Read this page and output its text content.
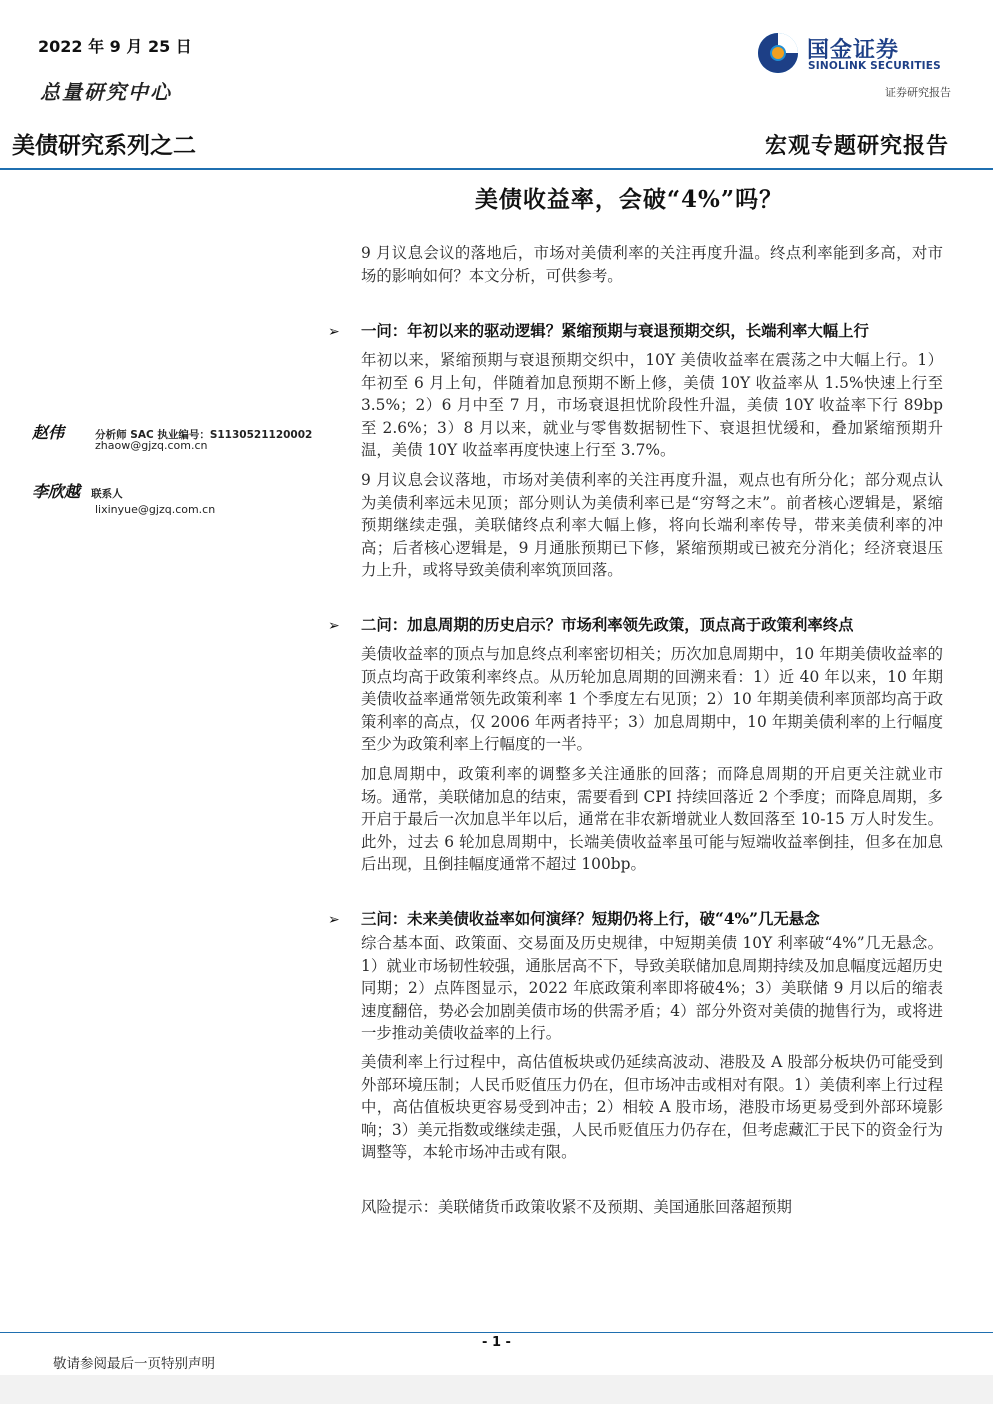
2022 年 9 月 25 日
总量研究中心
美债研究系列之二	宏观专题研究报告
国金证券
SINOLINK SECURITIES
证券研究报告
美债收益率，会破“4%”吗？
赵伟	分析师 SAC 执业编号：S1130521120002
zhaow@gjzq.com.cn
李欣越 联系人
lixinyue@gjzq.com.cn
9 月议息会议的落地后，市场对美债利率的关注再度升温。终点利率能到多高，对市场的影响如何？本文分析，可供参考。
➢ 一问：年初以来的驱动逻辑？紧缩预期与衰退预期交织，长端利率大幅上行

年初以来，紧缩预期与衰退预期交织中，10Y 美债收益率在震荡之中大幅上行。1）年初至 6 月上旬，伴随着加息预期不断上修，美债 10Y 收益率从 1.5%快速上行至 3.5%；2）6 月中至 7 月，市场衰退担忧阶段性升温，美债 10Y 收益率下行 89bp 至 2.6%；3）8 月以来，就业与零售数据韧性下、衰退担忧缓和，叠加紧缩预期升温，美债 10Y 收益率再度快速上行至 3.7%。

9 月议息会议落地，市场对美债利率的关注再度升温，观点也有所分化；部分观点认为美债利率远未见顶；部分则认为美债利率已是“穷弩之末”。前者核心逻辑是，紧缩预期继续走强，美联储终点利率大幅上修，将向长端利率传导，带来美债利率的冲高；后者核心逻辑是，9 月通胀预期已下修，紧缩预期或已被充分消化；经济衰退压力上升，或将导致美债利率筑顶回落。

➢ 二问：加息周期的历史启示？市场利率领先政策，顶点高于政策利率终点

美债收益率的顶点与加息终点利率密切相关；历次加息周期中，10 年期美债收益率的顶点均高于政策利率终点。从历轮加息周期的回溯来看：1）近 40 年以来，10 年期美债收益率通常领先政策利率 1 个季度左右见顶；2）10 年期美债利率顶部均高于政策利率的高点，仅 2006 年两者持平；3）加息周期中，10 年期美债利率的上行幅度至少为政策利率上行幅度的一半。

加息周期中，政策利率的调整多关注通胀的回落；而降息周期的开启更关注就业市场。通常，美联储加息的结束，需要看到 CPI 持续回落近 2 个季度；而降息周期，多开启于最后一次加息半年以后，通常在非农新增就业人数回落至 10-15 万人时发生。此外，过去 6 轮加息周期中，长端美债收益率虽可能与短端收益率倒挂，但多在加息后出现，且倒挂幅度通常不超过 100bp。

➢ 三问：未来美债收益率如何演绎？短期仍将上行，破“4%”几无悬念

综合基本面、政策面、交易面及历史规律，中短期美债 10Y 利率破“4%”几无悬念。1）就业市场韧性较强，通胀居高不下，导致美联储加息周期持续及加息幅度远超历史同期；2）点阵图显示，2022 年底政策利率即将破4%；3）美联储 9 月以后的缩表速度翻倍，势必会加剧美债市场的供需矛盾；4）部分外资对美债的抛售行为，或将进一步推动美债收益率的上行。

美债利率上行过程中，高估值板块或仍延续高波动、港股及 A 股部分板块仍可能受到外部环境压制；人民币贬值压力仍在，但市场冲击或相对有限。1）美债利率上行过程中，高估值板块更容易受到冲击；2）相较 A 股市场，港股市场更易受到外部环境影响；3）美元指数或继续走强，人民币贬值压力仍存在，但考虑藏汇于民下的资金行为调整等，本轮市场冲击或有限。

风险提示：美联储货币政策收紧不及预期、美国通胀回落超预期
- 1 -
敬请参阅最后一页特别声明
